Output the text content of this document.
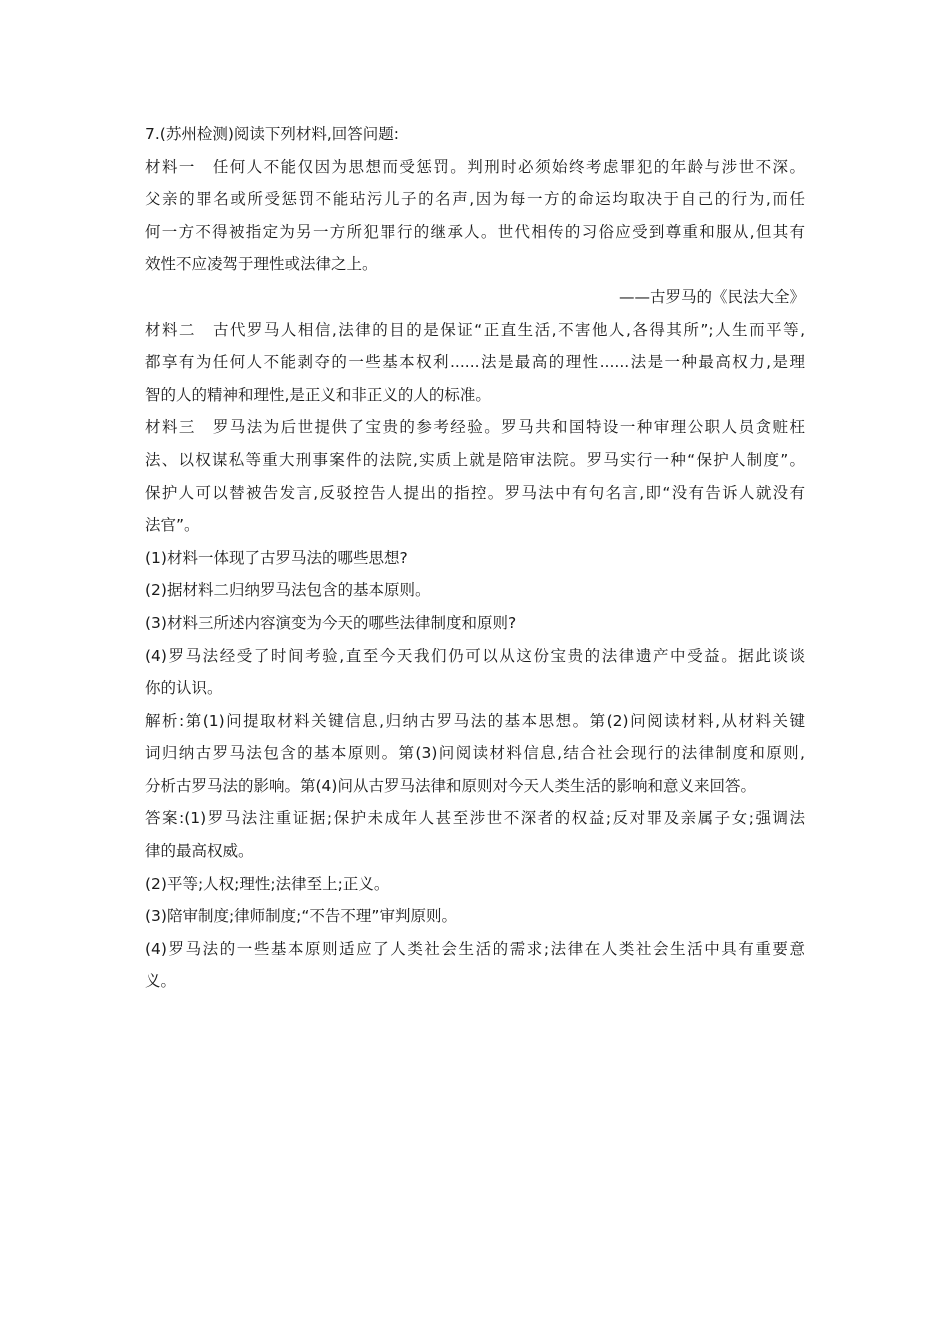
7.(苏州检测)阅读下列材料,回答问题:
材料一　任何人不能仅因为思想而受惩罚。判刑时必须始终考虑罪犯的年龄与涉世不深。
父亲的罪名或所受惩罚不能玷污儿子的名声,因为每一方的命运均取决于自己的行为,而任
何一方不得被指定为另一方所犯罪行的继承人。世代相传的习俗应受到尊重和服从,但其有
效性不应凌驾于理性或法律之上。
——古罗马的《民法大全》
材料二　古代罗马人相信,法律的目的是保证“正直生活,不害他人,各得其所”;人生而平等,
都享有为任何人不能剥夺的一些基本权利......法是最高的理性......法是一种最高权力,是理
智的人的精神和理性,是正义和非正义的人的标准。
材料三　罗马法为后世提供了宝贵的参考经验。罗马共和国特设一种审理公职人员贪赃枉
法、以权谋私等重大刑事案件的法院,实质上就是陪审法院。罗马实行一种“保护人制度”。
保护人可以替被告发言,反驳控告人提出的指控。罗马法中有句名言,即“没有告诉人就没有
法官”。
(1)材料一体现了古罗马法的哪些思想?
(2)据材料二归纳罗马法包含的基本原则。
(3)材料三所述内容演变为今天的哪些法律制度和原则?
(4)罗马法经受了时间考验,直至今天我们仍可以从这份宝贵的法律遗产中受益。据此谈谈
你的认识。
解析:第(1)问提取材料关键信息,归纳古罗马法的基本思想。第(2)问阅读材料,从材料关键
词归纳古罗马法包含的基本原则。第(3)问阅读材料信息,结合社会现行的法律制度和原则,
分析古罗马法的影响。第(4)问从古罗马法律和原则对今天人类生活的影响和意义来回答。
答案:(1)罗马法注重证据;保护未成年人甚至涉世不深者的权益;反对罪及亲属子女;强调法
律的最高权威。
(2)平等;人权;理性;法律至上;正义。
(3)陪审制度;律师制度;“不告不理”审判原则。
(4)罗马法的一些基本原则适应了人类社会生活的需求;法律在人类社会生活中具有重要意
义。
